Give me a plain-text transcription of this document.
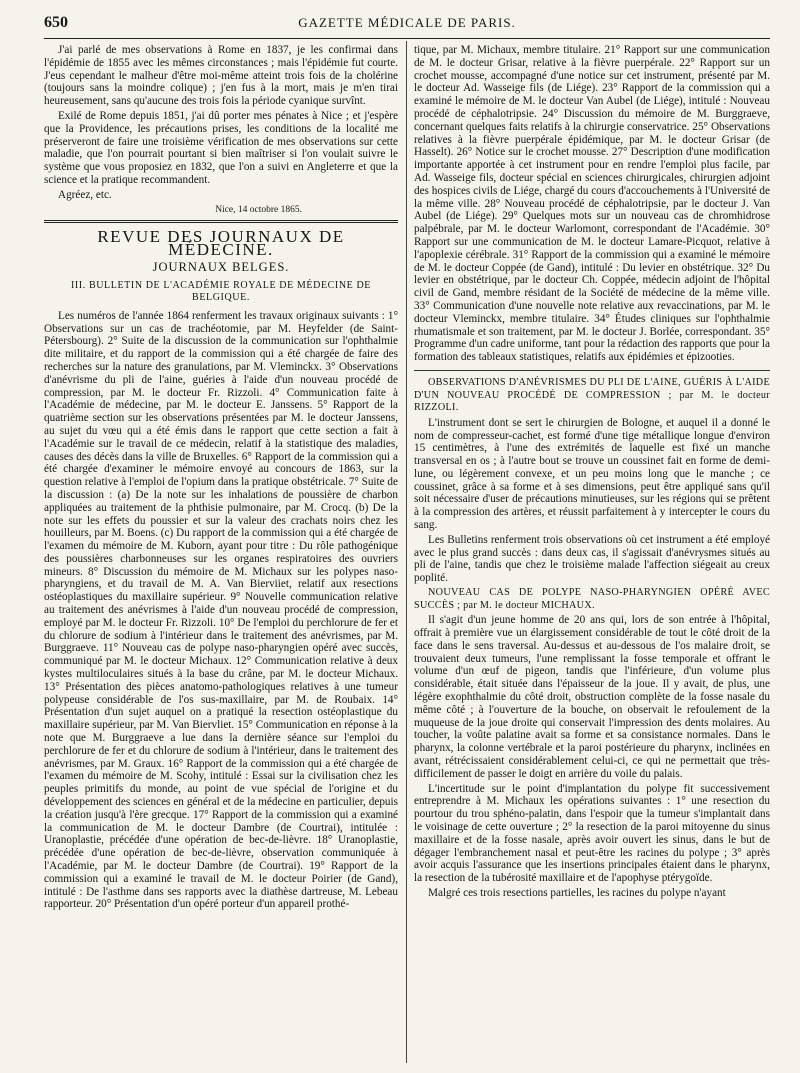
650	GAZETTE MÉDICALE DE PARIS.

J'ai parlé de mes observations à Rome en 1837, je les confirmai dans l'épidémie de 1855 avec les mêmes circonstances ; mais l'épidémie fut courte. J'eus cependant le malheur d'être moi-même atteint trois fois de la cholérine (toujours sans la moindre colique) ; j'en fus à la mort, mais je m'en tirai heureusement, sans qu'aucune des trois fois la période cyanique survînt.

Exilé de Rome depuis 1851, j'ai dû porter mes pénates à Nice ; et j'espère que la Providence, les précautions prises, les conditions de la localité me préserveront de faire une troisième vérification de mes observations sur cette maladie, que l'on pourrait pourtant si bien maîtriser si l'on voulait suivre le système que vous proposiez en 1832, que l'on a suivi en Angleterre et que la science et la pratique recommandent.

Agréez, etc.

Nice, 14 octobre 1865.
REVUE DES JOURNAUX DE MÉDECINE.
JOURNAUX BELGES.
III. BULLETIN DE L'ACADÉMIE ROYALE DE MÉDECINE DE BELGIQUE.

Les numéros de l'année 1864 renferment les travaux originaux suivants : 1° Observations sur un cas de trachéotomie, par M. Heyfelder (de Saint-Pétersbourg). 2° Suite de la discussion de la communication sur l'ophthalmie dite militaire, et du rapport de la commission qui a été chargée de faire des recherches sur la nature des granulations, par M. Vleminckx. 3° Observations d'anévrisme du pli de l'aine, guéries à l'aide d'un nouveau procédé de compression, par M. le docteur Fr. Rizzoli. 4° Communication faite à l'Académie de médecine, par M. le docteur E. Janssens. 5° Rapport de la quatrième section sur les observations présentées par M. le docteur Janssens, au sujet du vœu qui a été émis dans le rapport que cette section a fait à l'Académie sur le travail de ce médecin, relatif à la statistique des maladies, causes des décès dans la ville de Bruxelles. 6° Rapport de la commission qui a été chargée d'examiner le mémoire envoyé au concours de 1863, sur la question relative à l'emploi de l'opium dans la pratique obstétricale. 7° Suite de la discussion : (a) De la note sur les inhalations de poussière de charbon appliquées au traitement de la phthisie pulmonaire, par M. Crocq. (b) De la note sur les effets du poussier et sur la valeur des crachats noirs chez les houilleurs, par M. Boens. (c) Du rapport de la commission qui a été chargée de l'examen du mémoire de M. Kuborn, ayant pour titre : Du rôle pathogénique des poussières charbonneuses sur les organes respiratoires des ouvriers mineurs. 8° Discussion du mémoire de M. Michaux sur les polypes naso-pharyngiens, et du travail de M. A. Van Bierviiet, relatif aux resections ostéoplastiques du maxillaire supérieur. 9° Nouvelle communication relative au traitement des anévrismes à l'aide d'un nouveau procédé de compression, employé par M. le docteur Fr. Rizzoli. 10° De l'emploi du perchlorure de fer et du chlorure de sodium à l'intérieur dans le traitement des anévrismes, par M. Burggraeve. 11° Nouveau cas de polype naso-pharyngien opéré avec succès, communiqué par M. le docteur Michaux. 12° Communication relative à deux kystes multiloculaires situés à la base du crâne, par M. le docteur Michaux. 13° Présentation des pièces anatomo-pathologiques relatives à une tumeur polypeuse considérable de l'os sus-maxillaire, par M. de Roubaix. 14° Présentation d'un sujet auquel on a pratiqué la resection ostéoplastique du maxillaire supérieur, par M. Van Biervliet. 15° Communication en réponse à la note que M. Burggraeve a lue dans la dernière séance sur l'emploi du perchlorure de fer et du chlorure de sodium à l'intérieur, dans le traitement des anévrismes, par M. Graux. 16° Rapport de la commission qui a été chargée de l'examen du mémoire de M. Scohy, intitulé : Essai sur la civilisation chez les peuples primitifs du monde, au point de vue spécial de l'origine et du développement des sciences en général et de la médecine en particulier, depuis la création jusqu'à l'ère grecque. 17° Rapport de la commission qui a examiné la communication de M. le docteur Dambre (de Courtrai), intitulée : Uranoplastie, précédée d'une opération de bec-de-lièvre. 18° Uranoplastie, précédée d'une opération de bec-de-lièvre, observation communiquée à l'Académie, par M. le docteur Dambre (de Courtrai). 19° Rapport de la commission qui a examiné le travail de M. le docteur Poirier (de Gand), intitulé : De l'asthme dans ses rapports avec la diathèse dartreuse, M. Lebeau rapporteur. 20° Présentation d'un opéré porteur d'un appareil prothé-

tique, par M. Michaux, membre titulaire. 21° Rapport sur une communication de M. le docteur Grisar, relative à la fièvre puerpérale. 22° Rapport sur un crochet mousse, accompagné d'une notice sur cet instrument, présenté par M. le docteur Ad. Wasseige fils (de Liége). 23° Rapport de la commission qui a examiné le mémoire de M. le docteur Van Aubel (de Liége), intitulé : Nouveau procédé de céphalotripsie. 24° Discussion du mémoire de M. Burggraeve, concernant quelques faits relatifs à la chirurgie conservatrice. 25° Observations relatives à la fièvre puerpérale épidémique, par M. le docteur Grisar (de Hasselt). 26° Notice sur le crochet mousse. 27° Description d'une modification importante apportée à cet instrument pour en rendre l'emploi plus facile, par Ad. Wasseige fils, docteur spécial en sciences chirurgicales, chirurgien adjoint des hospices civils de Liége, chargé du cours d'accouchements à l'Université de la même ville. 28° Nouveau procédé de céphalotripsie, par le docteur J. Van Aubel (de Liége). 29° Quelques mots sur un nouveau cas de chromhidrose palpébrale, par M. le docteur Warlomont, correspondant de l'Académie. 30° Rapport sur une communication de M. le docteur Lamare-Picquot, relative à l'apoplexie cérébrale. 31° Rapport de la commission qui a examiné le mémoire de M. le docteur Coppée (de Gand), intitulé : Du levier en obstétrique. 32° Du levier en obstétrique, par le docteur Ch. Coppée, médecin adjoint de l'hôpital civil de Gand, membre résidant de la Société de médecine de la même ville. 33° Communication d'une nouvelle note relative aux revaccinations, par M. le docteur Vleminckx, membre titulaire. 34° Études cliniques sur l'ophthalmie rhumatismale et son traitement, par M. le docteur J. Borlée, correspondant. 35° Programme d'un cadre uniforme, tant pour la rédaction des rapports que pour la formation des tableaux statistiques, relatifs aux épidémies et épizooties.

OBSERVATIONS D'ANÉVRISMES DU PLI DE L'AINE, GUÉRIS À L'AIDE D'UN NOUVEAU PROCÉDÉ DE COMPRESSION ; par M. le docteur RIZZOLI.

L'instrument dont se sert le chirurgien de Bologne, et auquel il a donné le nom de compresseur-cachet, est formé d'une tige métallique longue d'environ 15 centimètres, à l'une des extrémités de laquelle est fixé un manche transversal en os ; à l'autre bout se trouve un coussinet fait en forme de demi-lune, ou légèrement convexe, et un peu moins long que le manche ; ce coussinet, grâce à sa forme et à ses dimensions, peut être appliqué sans qu'il soit nécessaire d'user de précautions minutieuses, sur les régions qui se prêtent à la compression des artères, et réussit parfaitement à y intercepter le cours du sang.

Les Bulletins renferment trois observations où cet instrument a été employé avec le plus grand succès : dans deux cas, il s'agissait d'anévrysmes situés au pli de l'aine, tandis que chez le troisième malade l'affection siégeait au creux poplité.

NOUVEAU CAS DE POLYPE NASO-PHARYNGIEN OPÉRÉ AVEC SUCCÈS ; par M. le docteur MICHAUX.

Il s'agit d'un jeune homme de 20 ans qui, lors de son entrée à l'hôpital, offrait à première vue un élargissement considérable de tout le côté droit de la face dans le sens traversal. Au-dessus et au-dessous de l'os malaire droit, se trouvaient deux tumeurs, l'une remplissant la fosse temporale et offrant le volume d'un œuf de pigeon, tandis que l'inférieure, d'un volume plus considérable, était située dans l'épaisseur de la joue. Il y avait, de plus, une légère exophthalmie du côté droit, obstruction complète de la fosse nasale du même côté ; à l'ouverture de la bouche, on observait le refoulement de la muqueuse de la joue droite qui conservait l'impression des dents molaires. Au toucher, la voûte palatine avait sa forme et sa consistance normales. Dans le pharynx, la colonne vertébrale et la paroi postérieure du pharynx, inclinées en avant, rétrécissaient considérablement celui-ci, ce qui ne permettait que très-difficilement de passer le doigt en arrière du voile du palais.

L'incertitude sur le point d'implantation du polype fit successivement entreprendre à M. Michaux les opérations suivantes : 1° une resection du pourtour du trou sphéno-palatin, dans l'espoir que la tumeur s'implantait dans le voisinage de cette ouverture ; 2° la resection de la paroi mitoyenne du sinus maxillaire et de la fosse nasale, après avoir ouvert les sinus, dans le but de dégager l'embranchement nasal et peut-être les racines du polype ; 3° après avoir acquis l'assurance que les insertions principales étaient dans le pharynx, la resection de la tubérosité maxillaire et de l'apophyse ptérygoïde.

Malgré ces trois resections partielles, les racines du polype n'ayant
